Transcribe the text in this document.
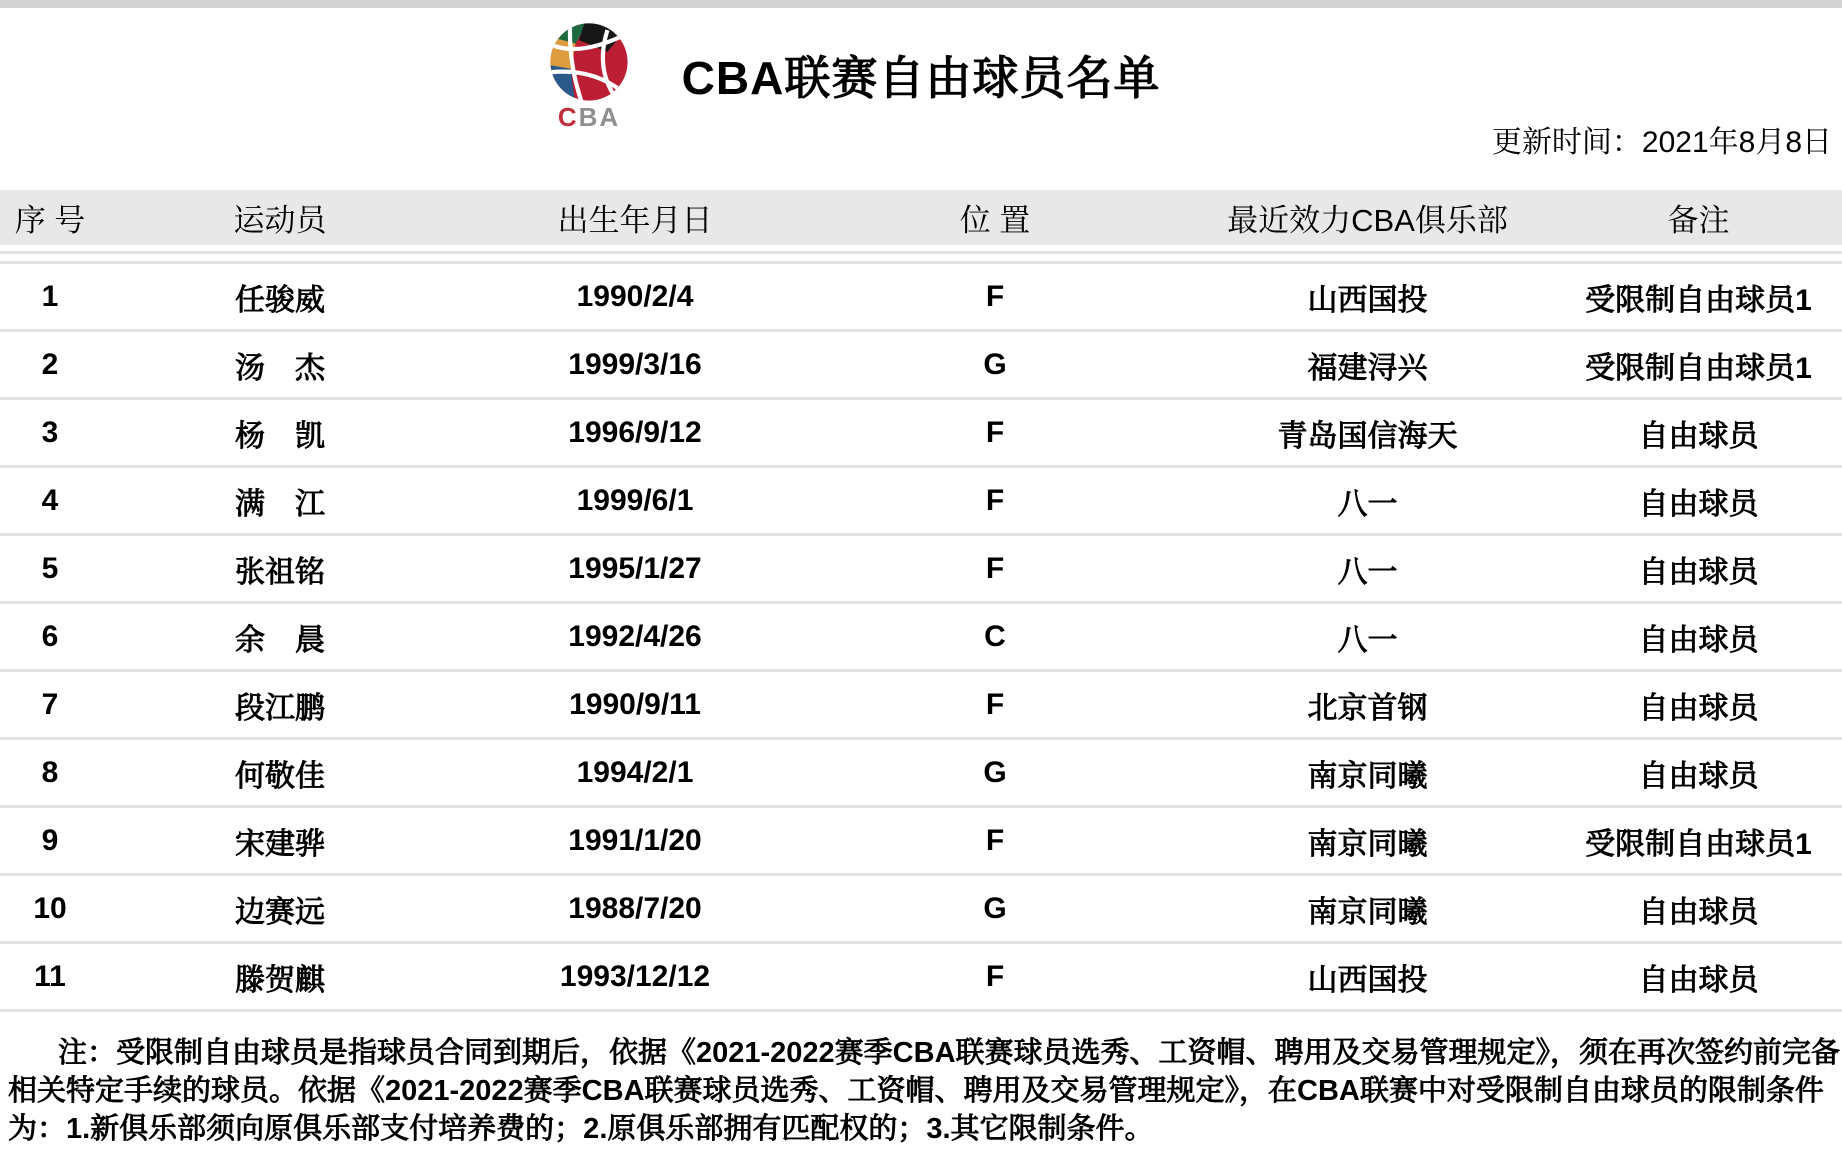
CBA
CBA联赛自由球员名单
更新时间：2021年8月8日
序 号	运动员	出生年月日	位 置	最近效力CBA俱乐部	备注
1	任骏威	1990/2/4	F	山西国投	受限制自由球员1
2	汤　杰	1999/3/16	G	福建浔兴	受限制自由球员1
3	杨　凯	1996/9/12	F	青岛国信海天	自由球员
4	满　江	1999/6/1	F	八一	自由球员
5	张祖铭	1995/1/27	F	八一	自由球员
6	余　晨	1992/4/26	C	八一	自由球员
7	段江鹏	1990/9/11	F	北京首钢	自由球员
8	何敬佳	1994/2/1	G	南京同曦	自由球员
9	宋建骅	1991/1/20	F	南京同曦	受限制自由球员1
10	边赛远	1988/7/20	G	南京同曦	自由球员
11	滕贺麒	1993/12/12	F	山西国投	自由球员
注：受限制自由球员是指球员合同到期后，依据《2021-2022赛季CBA联赛球员选秀、工资帽、聘用及交易管理规定》，须在再次签约前完备
相关特定手续的球员。依据《2021-2022赛季CBA联赛球员选秀、工资帽、聘用及交易管理规定》，在CBA联赛中对受限制自由球员的限制条件
为：1.新俱乐部须向原俱乐部支付培养费的；2.原俱乐部拥有匹配权的；3.其它限制条件。
